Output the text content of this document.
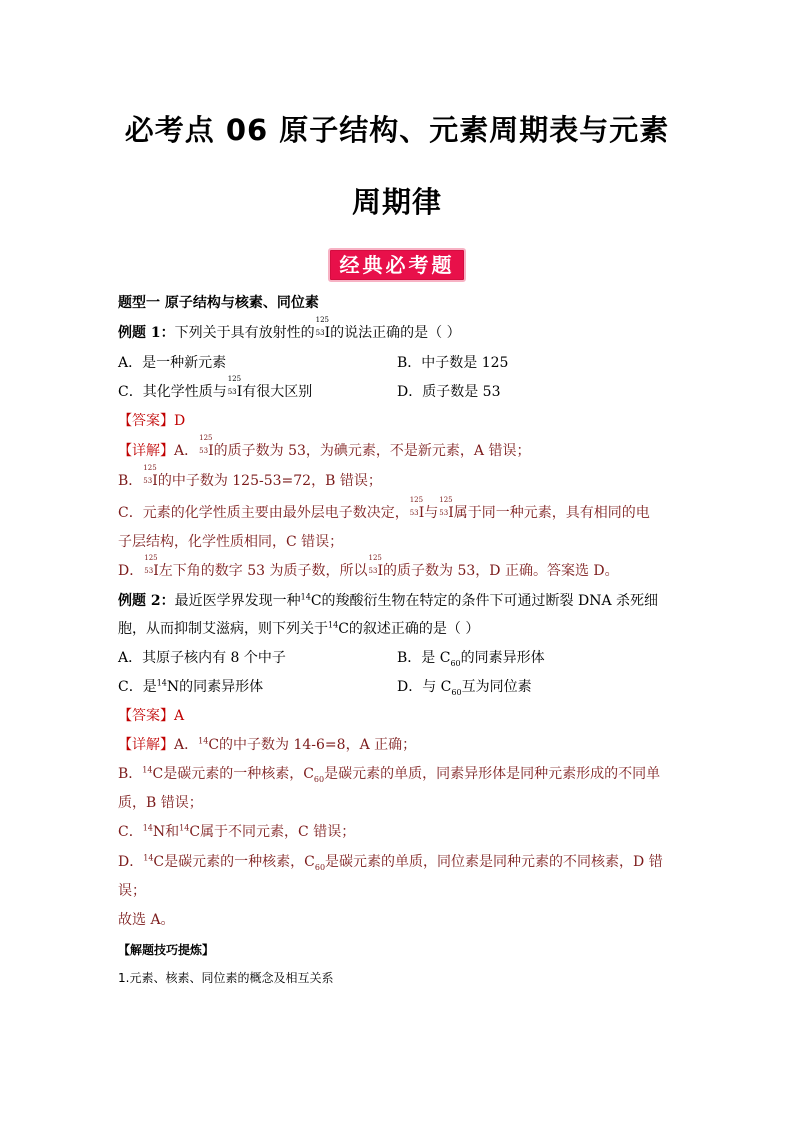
必考点 06 原子结构、元素周期表与元素
周期律
经典必考题
题型一 原子结构与核素、同位素
例题 1：下列关于具有放射性的
125
53 I的说法正确的是（ ）
A．是一种新元素	B．中子数是 125
C．其化学性质与
125
53 I有很大区别	D．质子数是 53
【答案】D
【详解】A．
125
53 I的质子数为 53，为碘元素，不是新元素，A 错误；
B．
125
53 I的中子数为 125-53=72，B 错误；
C．元素的化学性质主要由最外层电子数决定，
125
53 I与
125
53 I属于同一种元素，具有相同的电
子层结构，化学性质相同，C 错误；
D．
125
53 I左下角的数字 53 为质子数，所以
125
53 I的质子数为 53，D 正确。答案选 D。
例题 2：最近医学界发现一种$^{14}$C的羧酸衍生物在特定的条件下可通过断裂 DNA 杀死细
胞，从而抑制艾滋病，则下列关于$^{14}$C的叙述正确的是（ ）
A．其原子核内有 8 个中子	B．是 $C_{60}$的同素异形体
C．是$^{14}$N的同素异形体	D．与 $C_{60}$互为同位素
【答案】A
【详解】A．$^{14}$C的中子数为 14-6=8，A 正确；
B．$^{14}$C是碳元素的一种核素，$C_{60}$是碳元素的单质，同素异形体是同种元素形成的不同单
质，B 错误；
C．$^{14}$N和$^{14}$C属于不同元素，C 错误；
D．$^{14}$C是碳元素的一种核素，$C_{60}$是碳元素的单质，同位素是同种元素的不同核素，D 错
误；
故选 A。
【解题技巧提炼】
1.元素、核素、同位素的概念及相互关系
